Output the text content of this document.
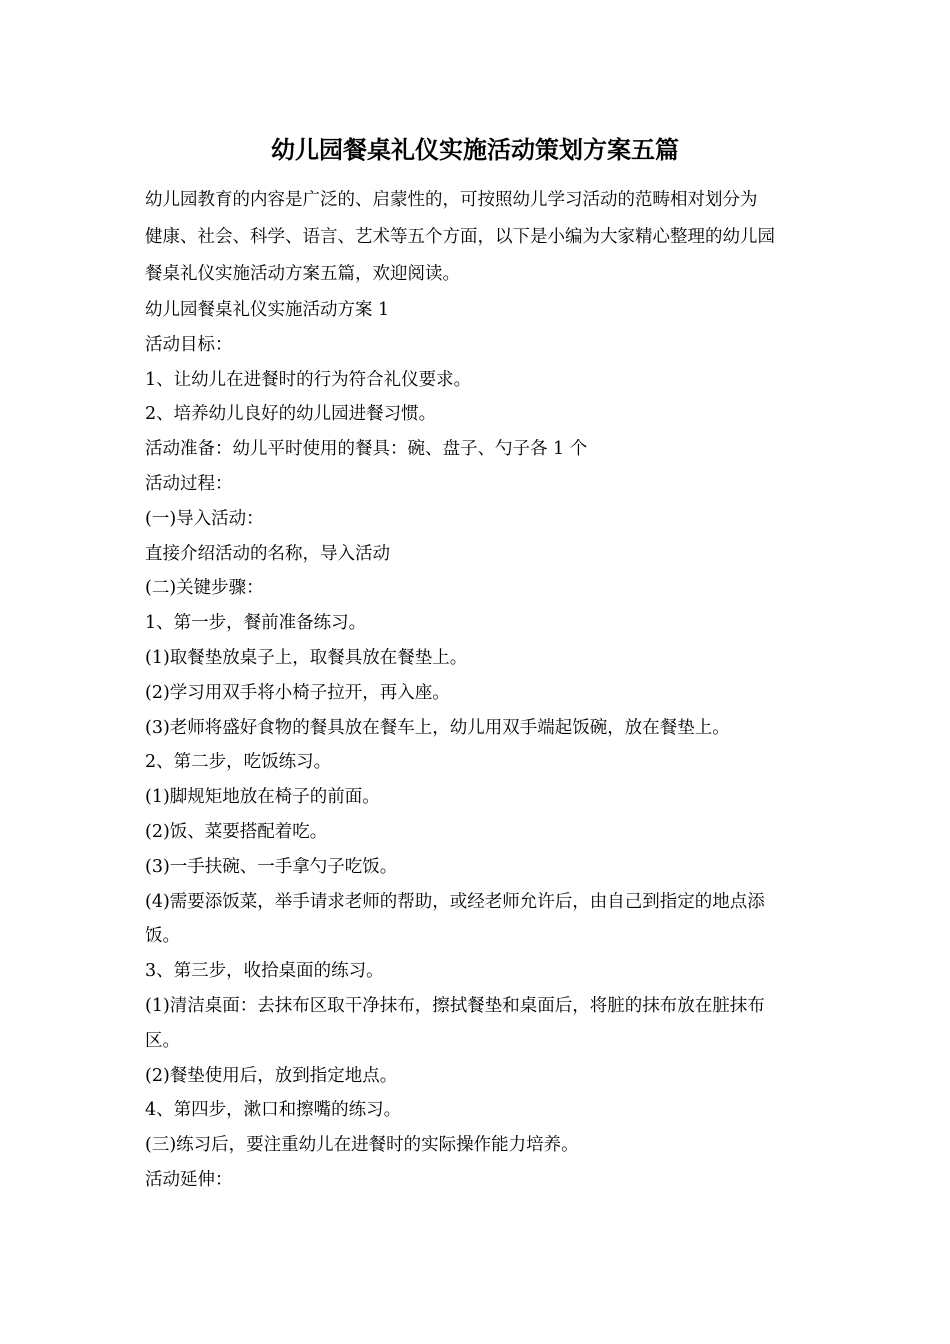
幼儿园餐桌礼仪实施活动策划方案五篇
幼儿园教育的内容是广泛的、启蒙性的，可按照幼儿学习活动的范畴相对划分为
健康、社会、科学、语言、艺术等五个方面，以下是小编为大家精心整理的幼儿园
餐桌礼仪实施活动方案五篇，欢迎阅读。
幼儿园餐桌礼仪实施活动方案 1
活动目标：
1、让幼儿在进餐时的行为符合礼仪要求。
2、培养幼儿良好的幼儿园进餐习惯。
活动准备：幼儿平时使用的餐具：碗、盘子、勺子各 1 个
活动过程：
(一)导入活动：
直接介绍活动的名称，导入活动
(二)关键步骤：
1、第一步，餐前准备练习。
(1)取餐垫放桌子上，取餐具放在餐垫上。
(2)学习用双手将小椅子拉开，再入座。
(3)老师将盛好食物的餐具放在餐车上，幼儿用双手端起饭碗，放在餐垫上。
2、第二步，吃饭练习。
(1)脚规矩地放在椅子的前面。
(2)饭、菜要搭配着吃。
(3)一手扶碗、一手拿勺子吃饭。
(4)需要添饭菜，举手请求老师的帮助，或经老师允许后，由自己到指定的地点添
饭。
3、第三步，收拾桌面的练习。
(1)清洁桌面：去抹布区取干净抹布，擦拭餐垫和桌面后，将脏的抹布放在脏抹布
区。
(2)餐垫使用后，放到指定地点。
4、第四步，漱口和擦嘴的练习。
(三)练习后，要注重幼儿在进餐时的实际操作能力培养。
活动延伸：
